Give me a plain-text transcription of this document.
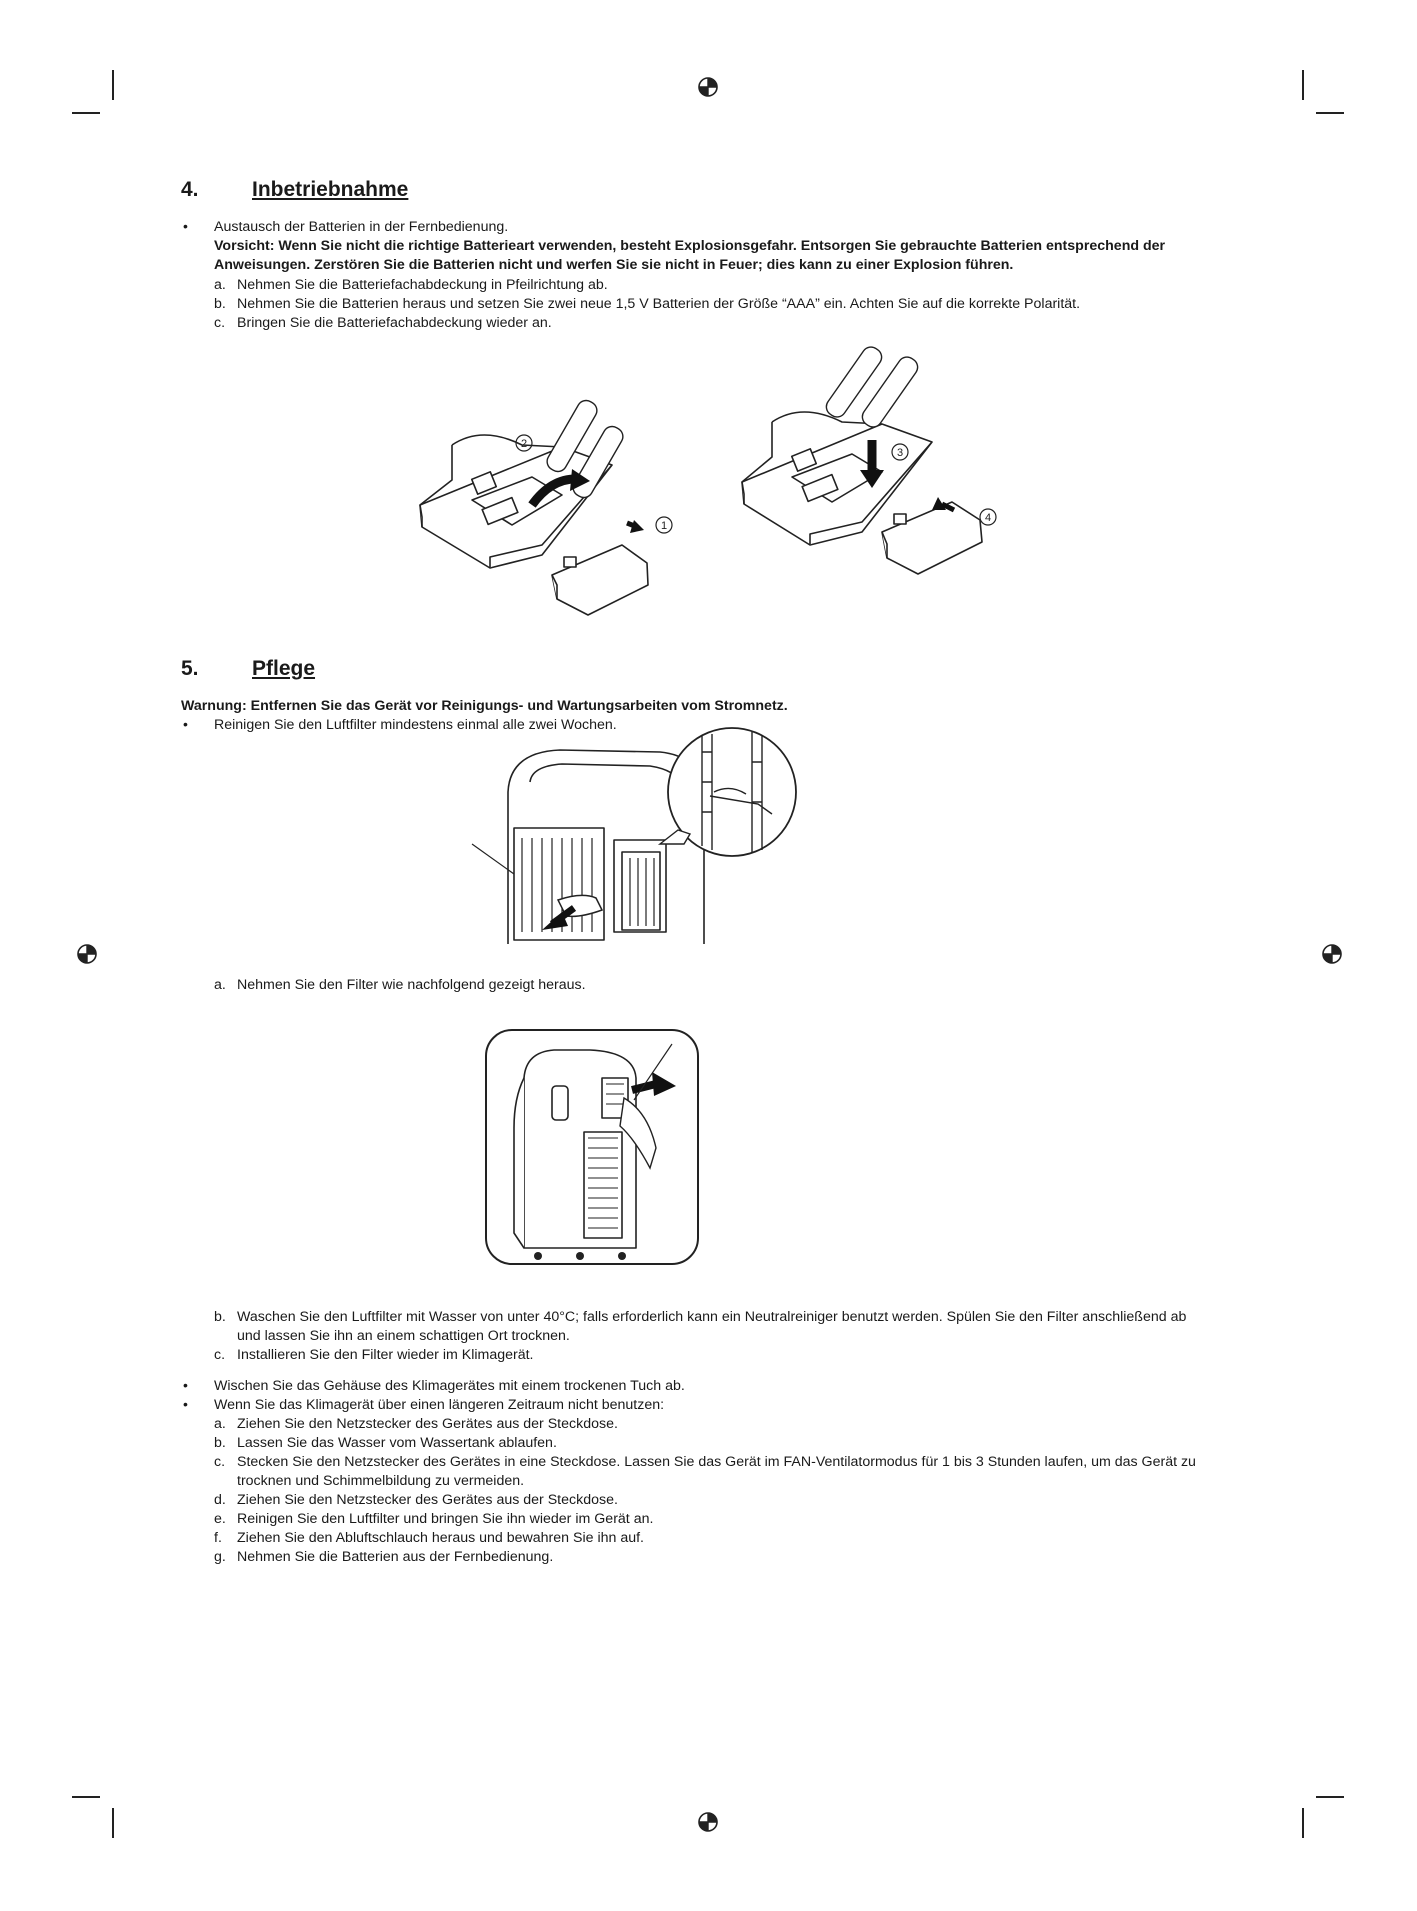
4.	Inbetriebnahme
• Austausch der Batterien in der Fernbedienung.
Vorsicht: Wenn Sie nicht die richtige Batterieart verwenden, besteht Explosionsgefahr. Entsorgen Sie gebrauchte Batterien entsprechend der
Anweisungen. Zerstören Sie die Batterien nicht und werfen Sie sie nicht in Feuer; dies kann zu einer Explosion führen.
a. Nehmen Sie die Batteriefachabdeckung in Pfeilrichtung ab.
b. Nehmen Sie die Batterien heraus und setzen Sie zwei neue 1,5 V Batterien der Größe “AAA” ein. Achten Sie auf die korrekte Polarität.
c. Bringen Sie die Batteriefachabdeckung wieder an.
1
2
3
4
5.	Pflege
Warnung: Entfernen Sie das Gerät vor Reinigungs- und Wartungsarbeiten vom Stromnetz.
• Reinigen Sie den Luftfilter mindestens einmal alle zwei Wochen.
a. Nehmen Sie den Filter wie nachfolgend gezeigt heraus.
b. Waschen Sie den Luftfilter mit Wasser von unter 40°C; falls erforderlich kann ein Neutralreiniger benutzt werden. Spülen Sie den Filter anschließend ab
und lassen Sie ihn an einem schattigen Ort trocknen.
c. Installieren Sie den Filter wieder im Klimagerät.
• Wischen Sie das Gehäuse des Klimagerätes mit einem trockenen Tuch ab.
• Wenn Sie das Klimagerät über einen längeren Zeitraum nicht benutzen:
a. Ziehen Sie den Netzstecker des Gerätes aus der Steckdose.
b. Lassen Sie das Wasser vom Wassertank ablaufen.
c. Stecken Sie den Netzstecker des Gerätes in eine Steckdose. Lassen Sie das Gerät im FAN-Ventilatormodus für 1 bis 3 Stunden laufen, um das Gerät zu
trocknen und Schimmelbildung zu vermeiden.
d. Ziehen Sie den Netzstecker des Gerätes aus der Steckdose.
e. Reinigen Sie den Luftfilter und bringen Sie ihn wieder im Gerät an.
f. Ziehen Sie den Abluftschlauch heraus und bewahren Sie ihn auf.
g. Nehmen Sie die Batterien aus der Fernbedienung.
